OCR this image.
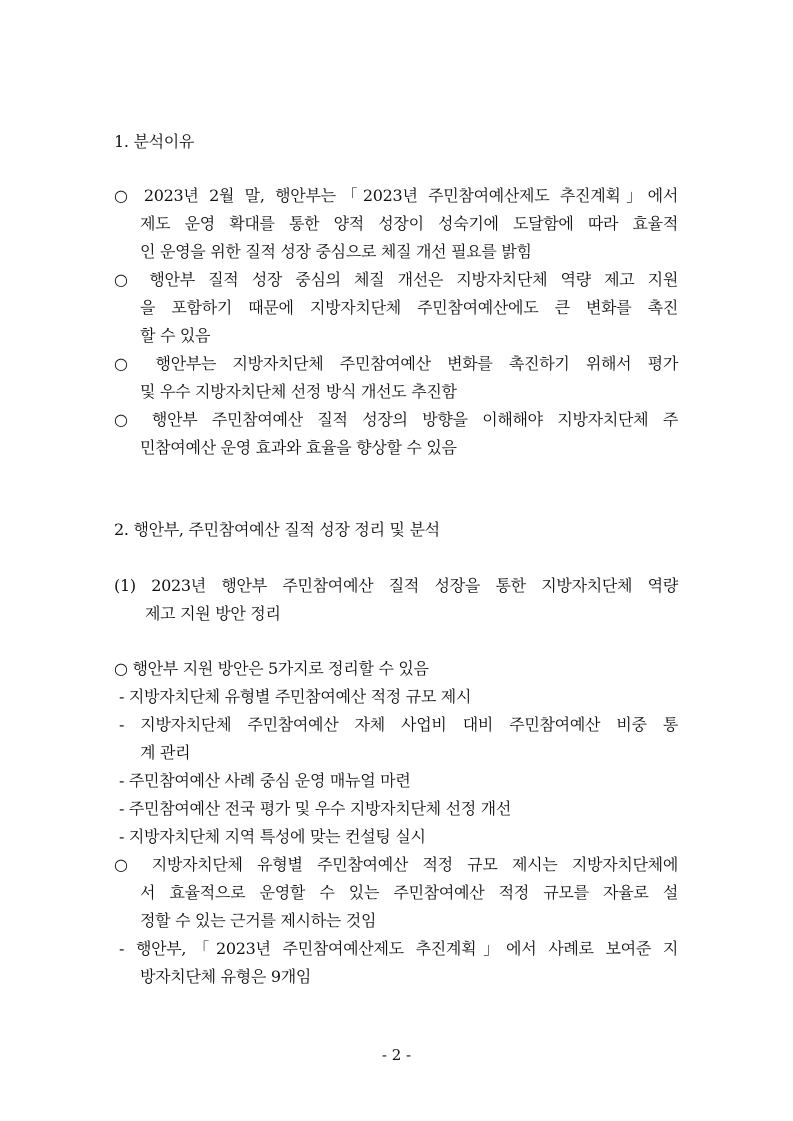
1. 분석이유
○ 2023년 2월 말, 행안부는「2023년 주민참여예산제도 추진계획」에서
제도 운영 확대를 통한 양적 성장이 성숙기에 도달함에 따라 효율적
인 운영을 위한 질적 성장 중심으로 체질 개선 필요를 밝힘
○ 행안부 질적 성장 중심의 체질 개선은 지방자치단체 역량 제고 지원
을 포함하기 때문에 지방자치단체 주민참여예산에도 큰 변화를 촉진
할 수 있음
○ 행안부는 지방자치단체 주민참여예산 변화를 촉진하기 위해서 평가
및 우수 지방자치단체 선정 방식 개선도 추진함
○ 행안부 주민참여예산 질적 성장의 방향을 이해해야 지방자치단체 주
민참여예산 운영 효과와 효율을 향상할 수 있음
2. 행안부, 주민참여예산 질적 성장 정리 및 분석
(1) 2023년 행안부 주민참여예산 질적 성장을 통한 지방자치단체 역량
제고 지원 방안 정리
○ 행안부 지원 방안은 5가지로 정리할 수 있음
- 지방자치단체 유형별 주민참여예산 적정 규모 제시
- 지방자치단체 주민참여예산 자체 사업비 대비 주민참여예산 비중 통
계 관리
- 주민참여예산 사례 중심 운영 매뉴얼 마련
- 주민참여예산 전국 평가 및 우수 지방자치단체 선정 개선
- 지방자치단체 지역 특성에 맞는 컨설팅 실시
○ 지방자치단체 유형별 주민참여예산 적정 규모 제시는 지방자치단체에
서 효율적으로 운영할 수 있는 주민참여예산 적정 규모를 자율로 설
정할 수 있는 근거를 제시하는 것임
- 행안부,「2023년 주민참여예산제도 추진계획」에서 사례로 보여준 지
방자치단체 유형은 9개임
- 2 -
